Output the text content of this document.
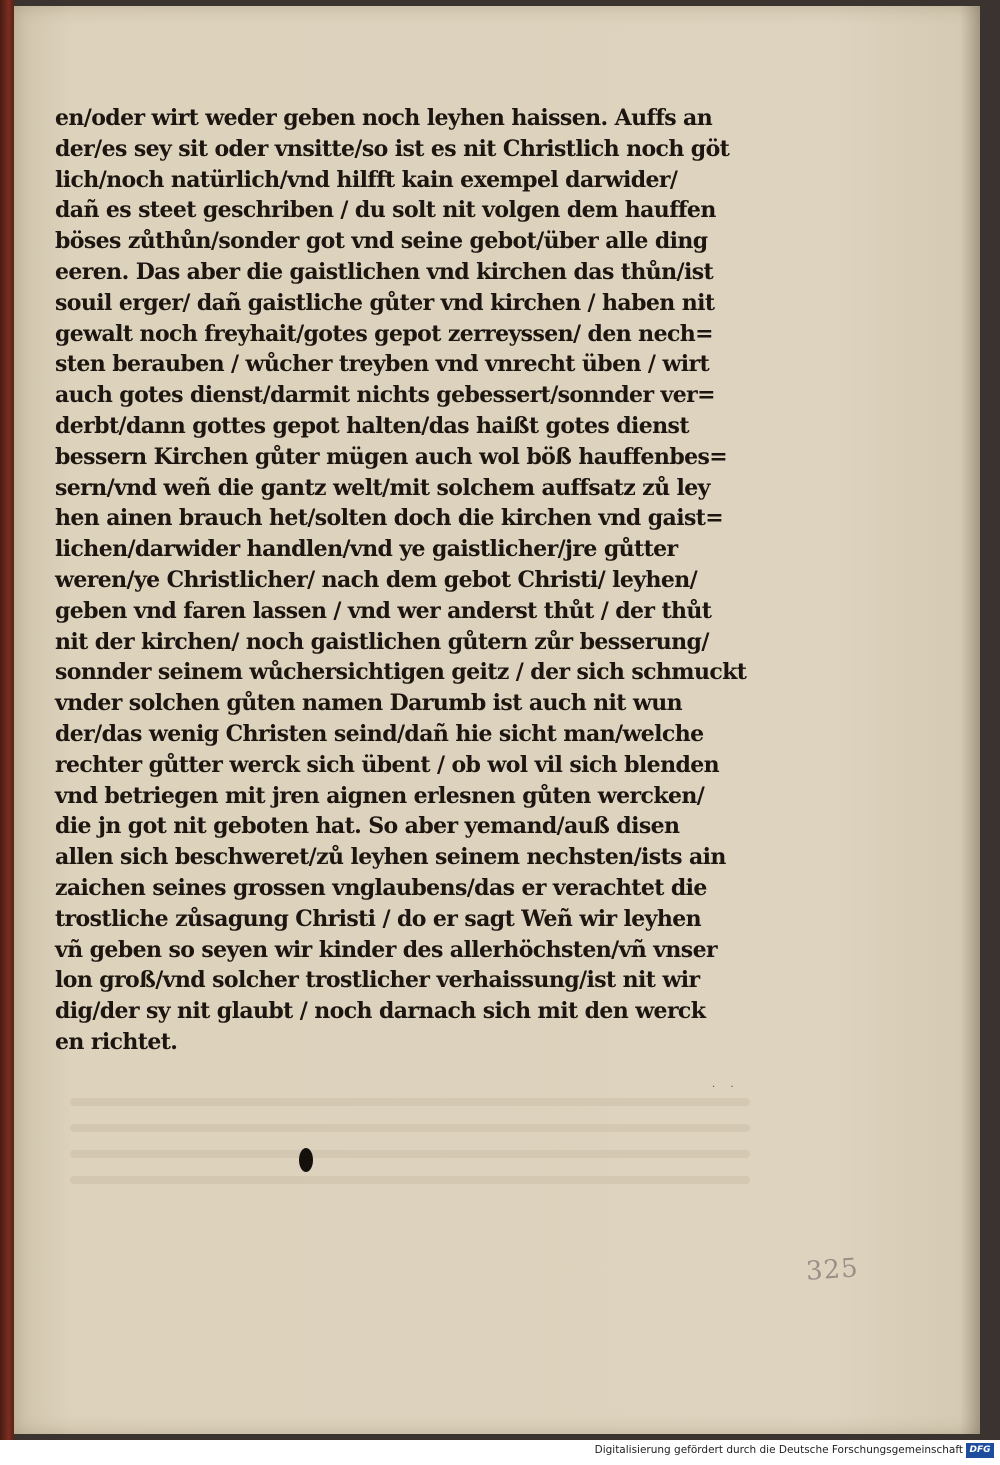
en/oder wirt weder geben noch leyhen haissen. Auffs an
der/es sey sit oder vnsitte/so ist es nit Christlich noch göt
lich/noch natürlich/vnd hilfft kain exempel darwider/
dañ es steet geschriben / du solt nit volgen dem hauffen
böses zůthůn/sonder got vnd seine gebot/über alle ding
eeren. Das aber die gaistlichen vnd kirchen das thůn/ist
souil erger/ dañ gaistliche gůter vnd kirchen / haben nit
gewalt noch freyhait/gotes gepot zerreyssen/ den nech=
sten berauben / wůcher treyben vnd vnrecht üben / wirt
auch gotes dienst/darmit nichts gebessert/sonnder ver=
derbt/dann gottes gepot halten/das haißt gotes dienst
bessern Kirchen gůter mügen auch wol böß hauffenbes=
sern/vnd weñ die gantz welt/mit solchem auffsatz zů ley
hen ainen brauch het/solten doch die kirchen vnd gaist=
lichen/darwider handlen/vnd ye gaistlicher/jre gůtter
weren/ye Christlicher/ nach dem gebot Christi/ leyhen/
geben vnd faren lassen / vnd wer anderst thůt / der thůt
nit der kirchen/ noch gaistlichen gůtern zůr besserung/
sonnder seinem wůchersichtigen geitz / der sich schmuckt
vnder solchen gůten namen Darumb ist auch nit wun
der/das wenig Christen seind/dañ hie sicht man/welche
rechter gůtter werck sich übent / ob wol vil sich blenden
vnd betriegen mit jren aignen erlesnen gůten wercken/
die jn got nit geboten hat. So aber yemand/auß disen
allen sich beschweret/zů leyhen seinem nechsten/ists ain
zaichen seines grossen vnglaubens/das er verachtet die
trostliche zůsagung Christi / do er sagt Weñ wir leyhen
vñ geben so seyen wir kinder des allerhöchsten/vñ vnser
lon groß/vnd solcher trostlicher verhaissung/ist nit wir
dig/der sy nit glaubt / noch darnach sich mit den werck
en richtet.
· ·
325
Digitalisierung gefördert durch die Deutsche Forschungsgemeinschaft DFG
